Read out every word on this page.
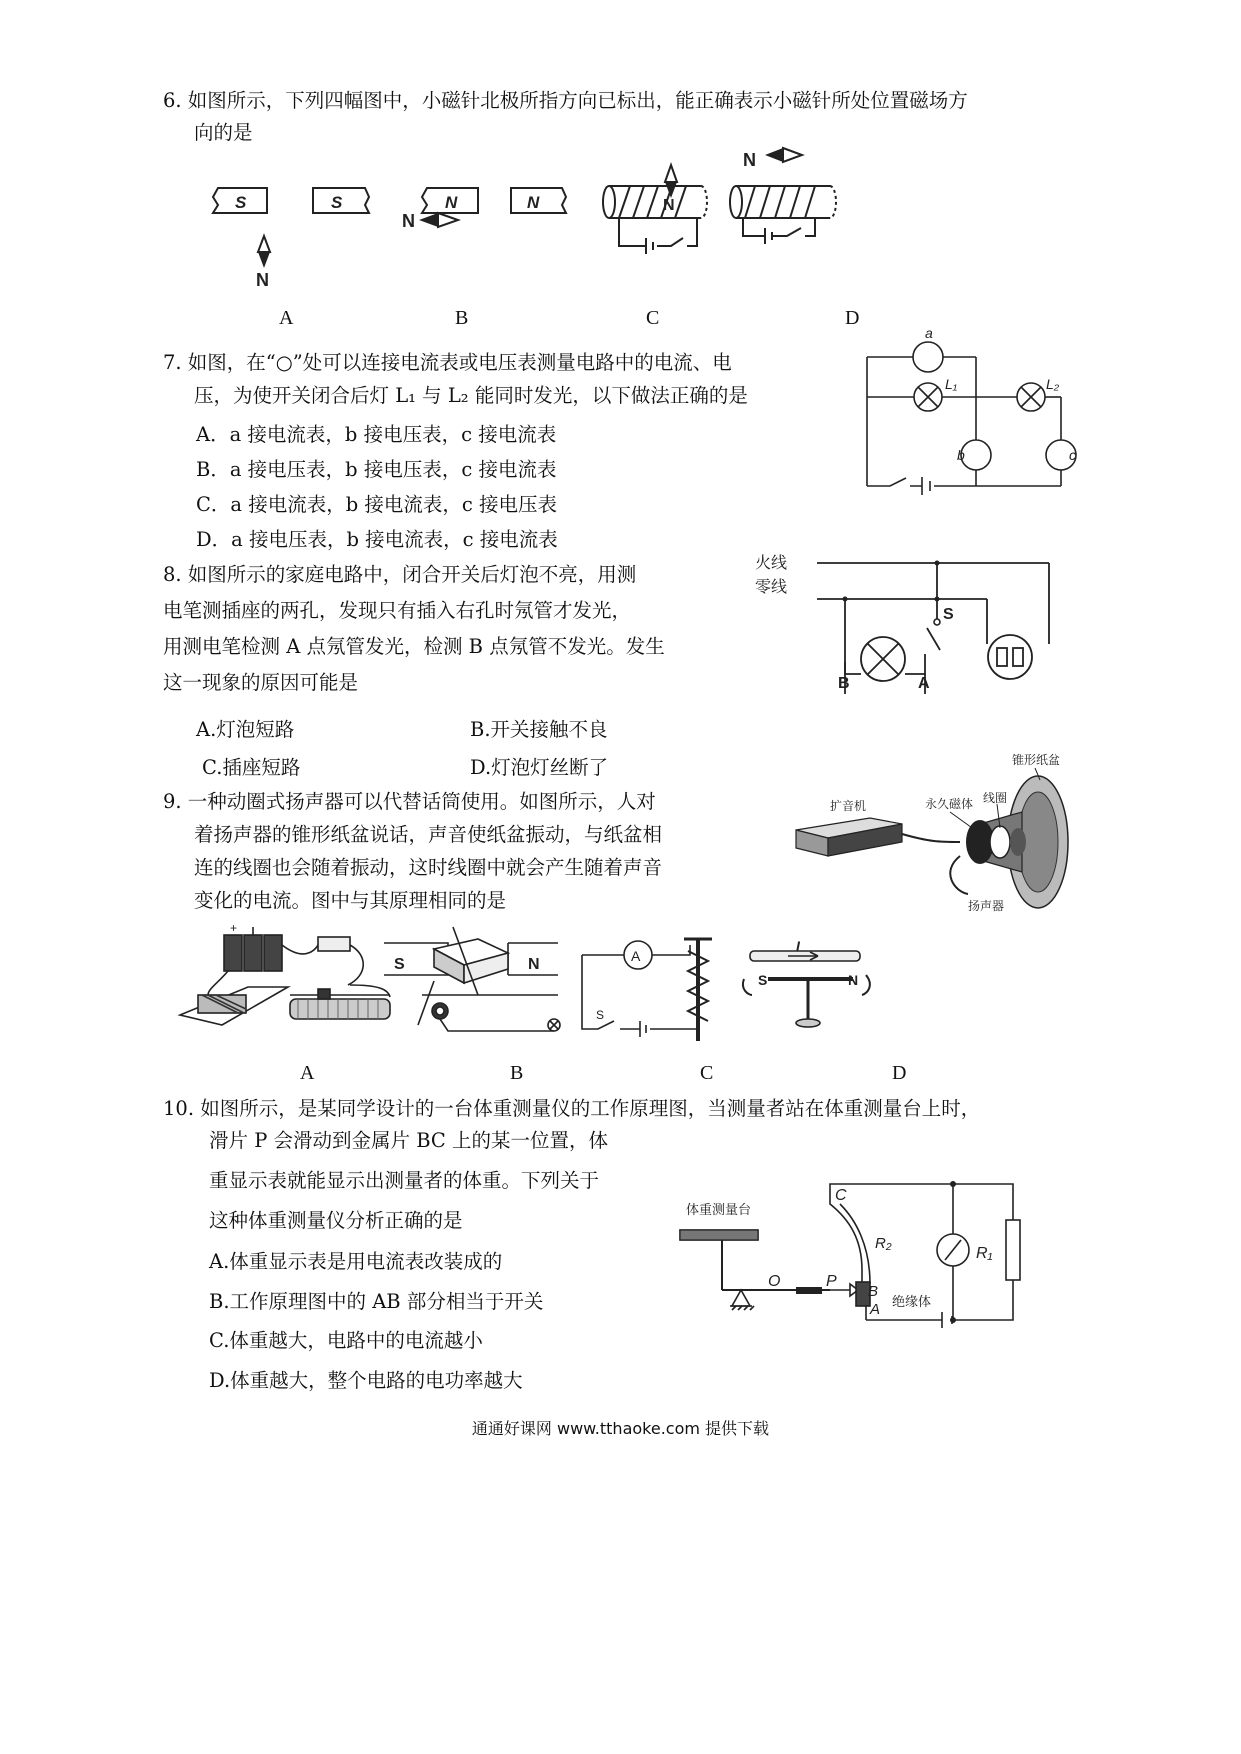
6. 如图所示，下列四幅图中，小磁针北极所指方向已标出，能正确表示小磁针所处位置磁场方
向的是
S	S	N	N
N
N
N
N
A	B	C	D
7. 如图，在“○”处可以连接电流表或电压表测量电路中的电流、电
压，为使开关闭合后灯 L₁ 与 L₂ 能同时发光，以下做法正确的是
A．a 接电流表，b 接电压表，c 接电流表
B．a 接电压表，b 接电压表，c 接电流表
C．a 接电流表，b 接电流表，c 接电压表
D．a 接电压表，b 接电流表，c 接电流表
a
L₁	L₂
b	c
8. 如图所示的家庭电路中，闭合开关后灯泡不亮，用测
电笔测插座的两孔，发现只有插入右孔时氖管才发光，
用测电笔检测 A 点氖管发光，检测 B 点氖管不发光。发生
这一现象的原因可能是
A.灯泡短路	B.开关接触不良
C.插座短路	D.灯泡灯丝断了
火线
零线
S
B	A
9. 一种动圈式扬声器可以代替话筒使用。如图所示，人对
着扬声器的锥形纸盆说话，声音使纸盆振动，与纸盆相
连的线圈也会随着振动，这时线圈中就会产生随着声音
变化的电流。图中与其原理相同的是
扩音机	永久磁体 线圈
锥形纸盆
扬声器
+
S	N	A
S
I
S	N
A	B	C	D
10. 如图所示，是某同学设计的一台体重测量仪的工作原理图，当测量者站在体重测量台上时，
滑片 P 会滑动到金属片 BC 上的某一位置，体
重显示表就能显示出测量者的体重。下列关于
这种体重测量仪分析正确的是
A.体重显示表是用电流表改装成的
B.工作原理图中的 AB 部分相当于开关
C.体重越大，电路中的电流越小
D.体重越大，整个电路的电功率越大
体重测量台
O	P
C
B
A
R₂
R₁
绝缘体
通通好课网 www.tthaoke.com 提供下载
